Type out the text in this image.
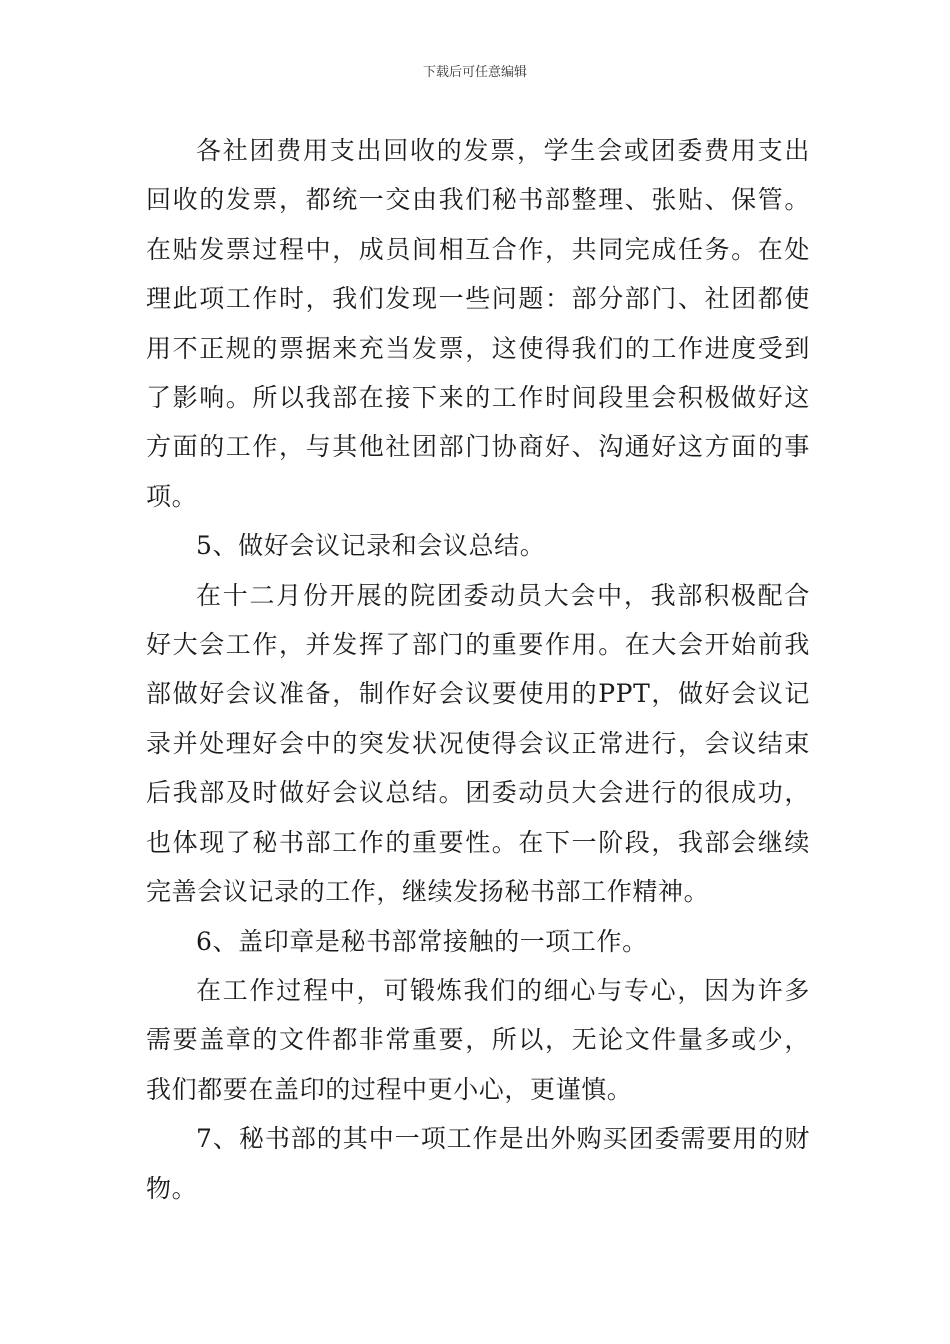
下载后可任意编辑

各社团费用支出回收的发票，学生会或团委费用支出回收的发票，都统一交由我们秘书部整理、张贴、保管。在贴发票过程中，成员间相互合作，共同完成任务。在处理此项工作时，我们发现一些问题：部分部门、社团都使用不正规的票据来充当发票，这使得我们的工作进度受到了影响。所以我部在接下来的工作时间段里会积极做好这方面的工作，与其他社团部门协商好、沟通好这方面的事项。

5、做好会议记录和会议总结。

在十二月份开展的院团委动员大会中，我部积极配合好大会工作，并发挥了部门的重要作用。在大会开始前我部做好会议准备，制作好会议要使用的PPT，做好会议记录并处理好会中的突发状况使得会议正常进行，会议结束后我部及时做好会议总结。团委动员大会进行的很成功，也体现了秘书部工作的重要性。在下一阶段，我部会继续完善会议记录的工作，继续发扬秘书部工作精神。

6、盖印章是秘书部常接触的一项工作。

在工作过程中，可锻炼我们的细心与专心，因为许多需要盖章的文件都非常重要，所以，无论文件量多或少，我们都要在盖印的过程中更小心，更谨慎。

7、秘书部的其中一项工作是出外购买团委需要用的财物。
